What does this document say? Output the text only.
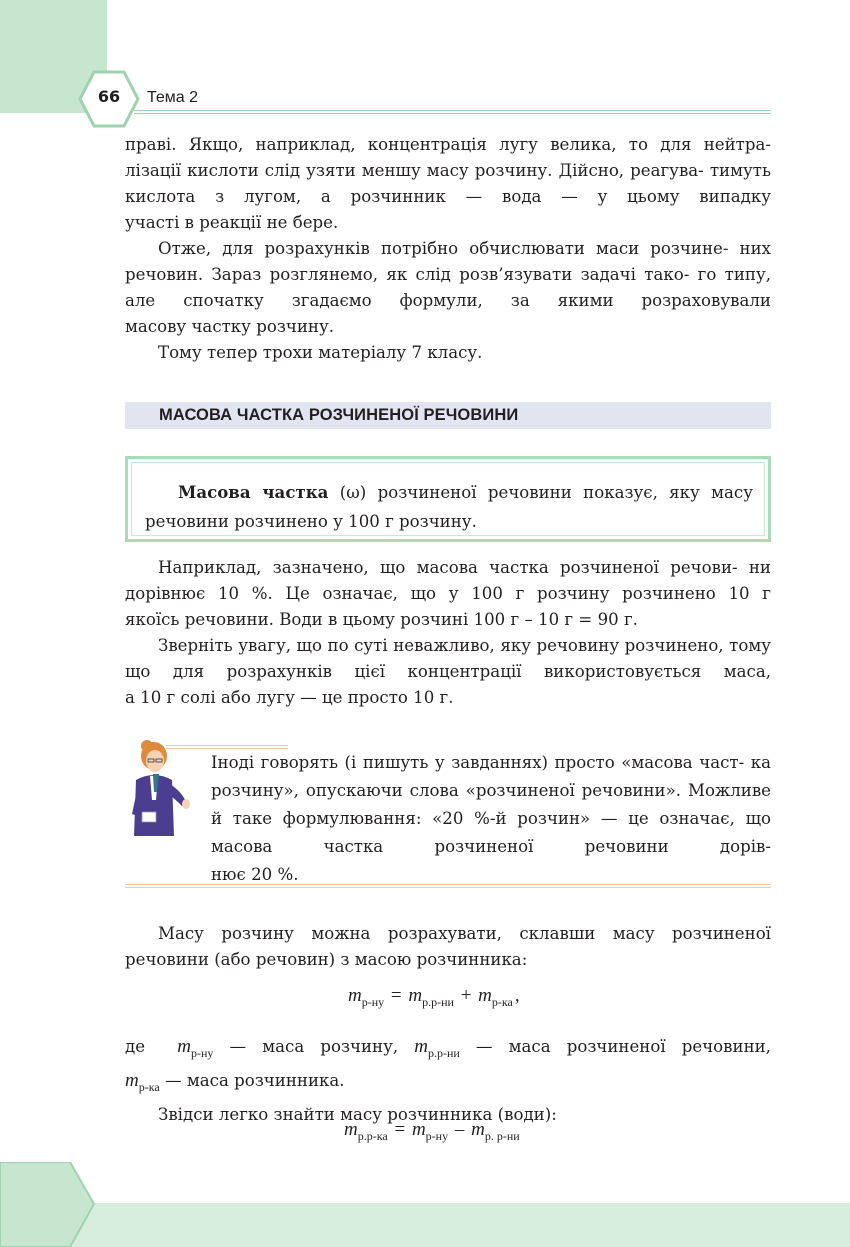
66	Тема 2

праві. Якщо, наприклад, концентрація лугу велика, то для нейтра- лізації кислоти слід узяти меншу масу розчину. Дійсно, реагува- тимуть кислота з лугом, а розчинник — вода — у цьому випадку

участі в реакції не бере.

Отже, для розрахунків потрібно обчислювати маси розчине- них речовин. Зараз розглянемо, як слід розв’язувати задачі тако- го типу, але спочатку згадаємо формули, за якими розраховували

масову частку розчину.

Тому тепер трохи матеріалу 7 класу.

МАСОВА ЧАСТКА РОЗЧИНЕНОЇ РЕЧОВИНИ

Масова частка (ω) розчиненої речовини показує, яку масу

речовини розчинено у 100 г розчину.

Наприклад, зазначено, що масова частка розчиненої речови- ни дорівнює 10 %. Це означає, що у 100 г розчину розчинено 10 г

якоїсь речовини. Води в цьому розчині 100 г – 10 г = 90 г.

Зверніть увагу, що по суті неважливо, яку речовину розчинено, тому що для розрахунків цієї концентрації використовується маса,

а 10 г солі або лугу — це просто 10 г.

Іноді говорять (і пишуть у завданнях) просто «масова част- ка розчину», опускаючи слова «розчиненої речовини». Можливе й таке формулювання: «20 %-й розчин» — це означає, що масова частка розчиненої речовини дорів-

нює 20 %.

Масу розчину можна розрахувати, склавши масу розчиненої

речовини (або речовин) з масою розчинника:

$m_{р-ну} = m_{р.р-ни} + m_{р-ка}$ ,

де $m_{р-ну}$ — маса розчину, $m_{р.р-ни}$ — маса розчиненої речовини,

$m_{р-ка}$ — маса розчинника.

Звідси легко знайти масу розчинника (води):

$m_{р.р-ка} = m_{р-ну} - m_{р. р-ни}$
